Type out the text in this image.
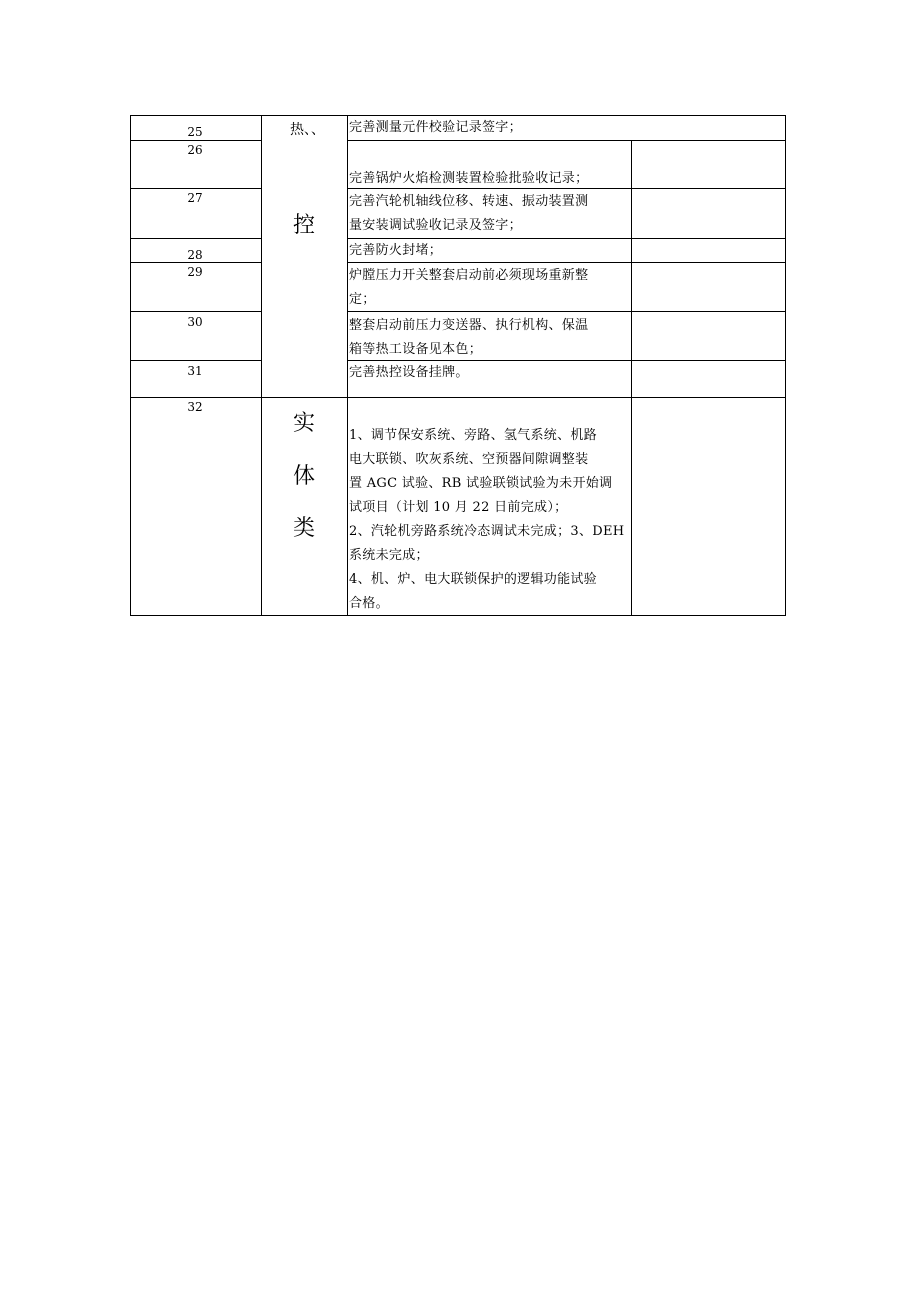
25
26
27
28
29
30
31
32
热、、
控
实
体
类
完善测量元件校验记录签字；
完善锅炉火焰检测装置检验批验收记录；
完善汽轮机轴线位移、转速、振动装置测
量安装调试验收记录及签字；
完善防火封堵；
炉膛压力开关整套启动前必须现场重新整
定；
整套启动前压力变送器、执行机构、保温
箱等热工设备见本色；
完善热控设备挂牌。
1、调节保安系统、旁路、氢气系统、机路
电大联锁、吹灰系统、空预器间隙调整装
置 AGC 试验、RB 试验联锁试验为未开始调
试项目（计划 10 月 22 日前完成）；
2、汽轮机旁路系统冷态调试未完成；3、DEH
系统未完成；
4、机、炉、电大联锁保护的逻辑功能试验
合格。
